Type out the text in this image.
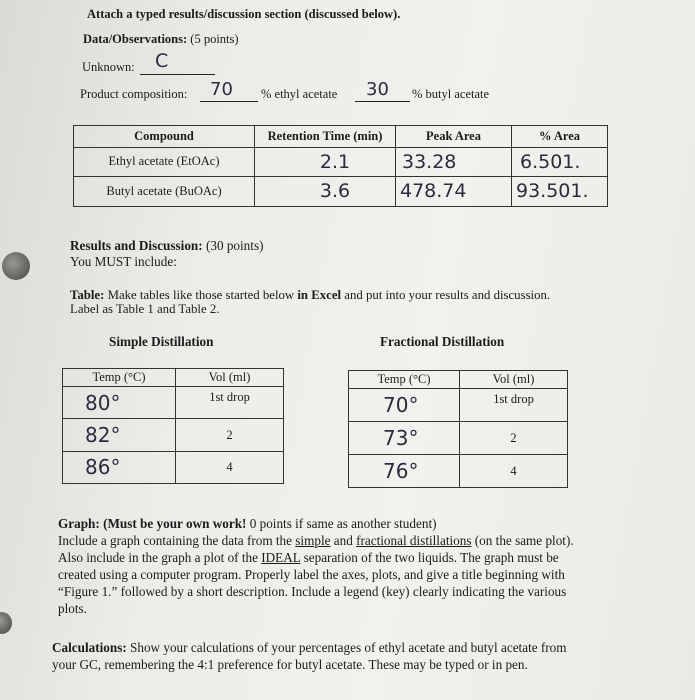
Attach a typed results/discussion section (discussed below).
Data/Observations: (5 points)
Unknown: C
Product composition: 70 % ethyl acetate 30 % butyl acetate
Compound	Retention Time (min)	Peak Area	% Area
Ethyl acetate (EtOAc)	2.1	33.28	6.501.
Butyl acetate (BuOAc)	3.6	478.74	93.501.
Results and Discussion: (30 points)
You MUST include:
Table: Make tables like those started below in Excel and put into your results and discussion.
Label as Table 1 and Table 2.
Simple Distillation
Temp (°C)	Vol (ml)
80°	1st drop
82°	2
86°	4
Fractional Distillation
Temp (°C)	Vol (ml)
70°	1st drop
73°	2
76°	4
Graph: (Must be your own work! 0 points if same as another student)
Include a graph containing the data from the simple and fractional distillations (on the same plot).
Also include in the graph a plot of the IDEAL separation of the two liquids. The graph must be
created using a computer program. Properly label the axes, plots, and give a title beginning with
“Figure 1.” followed by a short description. Include a legend (key) clearly indicating the various
plots.
Calculations: Show your calculations of your percentages of ethyl acetate and butyl acetate from
your GC, remembering the 4:1 preference for butyl acetate. These may be typed or in pen.
